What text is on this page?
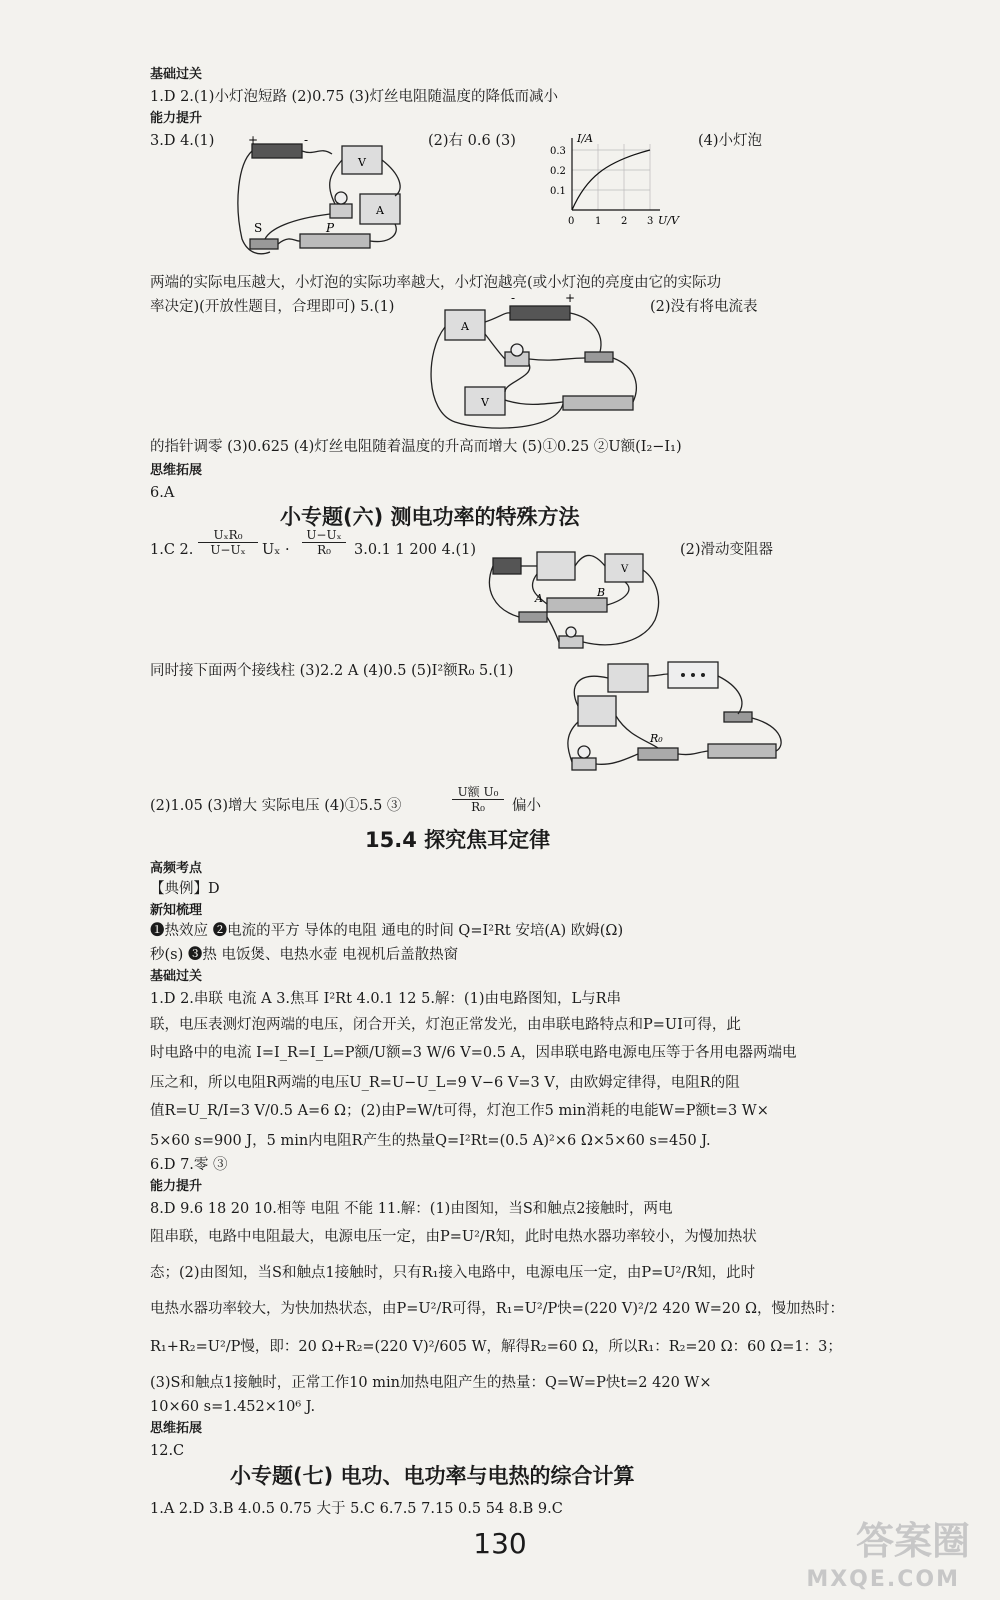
基础过关
1.D 2.(1)小灯泡短路 (2)0.75 (3)灯丝电阻随温度的降低而减小
能力提升
3.D 4.(1)	(2)右 0.6 (3)	(4)小灯泡
+	-
S
V
A
P
I/A
0.3
0.2
0.1
0 1 2 3 U/V
两端的实际电压越大，小灯泡的实际功率越大，小灯泡越亮(或小灯泡的亮度由它的实际功
率决定)(开放性题目，合理即可) 5.(1)	(2)没有将电流表
-	+
A
V
的指针调零 (3)0.625 (4)灯丝电阻随着温度的升高而增大 (5)①0.25 ②U额(I₂−I₁)
思维拓展
6.A
小专题(六) 测电功率的特殊方法
1.C 2.
UₓR₀
U−Uₓ	$U_x \cdot \frac{\text{U−Uₓ}}{\text{R₀}} 3.0.1$ 1 200 4.(1)	(2)滑动变阻器
A	B
V
同时接下面两个接线柱 (3)2.2 A (4)0.5 (5)I²额R₀ 5.(1)
R₀
(2)1.05 (3)增大 实际电压 (4)①5.5 ③
U额 U₀
R₀	偏小
15.4 探究焦耳定律
高频考点
【典例】D
新知梳理
❶热效应 ❷电流的平方 导体的电阻 通电的时间 Q=I²Rt 安培(A) 欧姆(Ω)
秒(s) ❸热 电饭煲、电热水壶 电视机后盖散热窗
基础过关
1.D 2.串联 电流 A 3.焦耳 I²Rt 4.0.1 12 5.解：(1)由电路图知，L与R串
联，电压表测灯泡两端的电压，闭合开关，灯泡正常发光，由串联电路特点和P=UI可得，此
时电路中的电流 I=I_R=I_L=P额/U额=3 W/6 V=0.5 A，因串联电路电源电压等于各用电器两端电
压之和，所以电阻R两端的电压U_R=U−U_L=9 V−6 V=3 V，由欧姆定律得，电阻R的阻
值R=U_R/I=3 V/0.5 A=6 Ω；(2)由P=W/t可得，灯泡工作5 min消耗的电能W=P额t=3 W×
5×60 s=900 J，5 min内电阻R产生的热量Q=I²Rt=(0.5 A)²×6 Ω×5×60 s=450 J.
6.D 7.零 ③
能力提升
8.D 9.6 18 20 10.相等 电阻 不能 11.解：(1)由图知，当S和触点2接触时，两电
阻串联，电路中电阻最大，电源电压一定，由P=U²/R知，此时电热水器功率较小，为慢加热状
态；(2)由图知，当S和触点1接触时，只有R₁接入电路中，电源电压一定，由P=U²/R知，此时
电热水器功率较大，为快加热状态，由P=U²/R可得，R₁=U²/P快=(220 V)²/2 420 W=20 Ω，慢加热时：
R₁+R₂=U²/P慢，即：20 Ω+R₂=(220 V)²/605 W，解得R₂=60 Ω，所以R₁：R₂=20 Ω：60 Ω=1：3；
(3)S和触点1接触时，正常工作10 min加热电阻产生的热量：Q=W=P快t=2 420 W×
10×60 s=1.452×10⁶ J.
思维拓展
12.C
小专题(七) 电功、电功率与电热的综合计算
1.A 2.D 3.B 4.0.5 0.75 大于 5.C 6.7.5 7.15 0.5 54 8.B 9.C
130	答案圈
MXQE.COM
